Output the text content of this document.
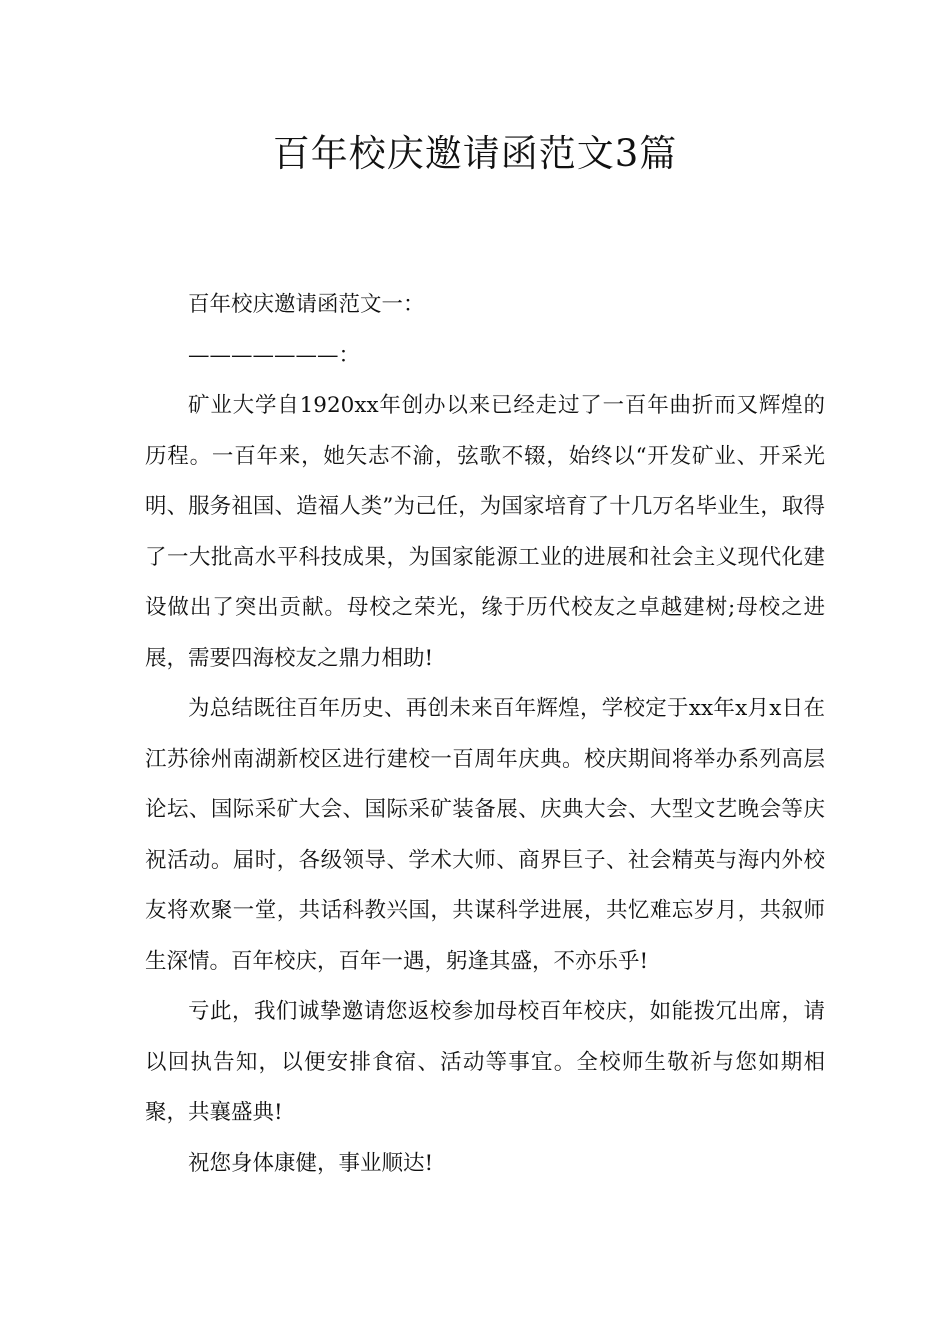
百年校庆邀请函范文3篇

百年校庆邀请函范文一：

———————：

矿业大学自1920xx年创办以来已经走过了一百年曲折而又辉煌的历程。一百年来，她矢志不渝，弦歌不辍，始终以“开发矿业、开采光明、服务祖国、造福人类”为己任，为国家培育了十几万名毕业生，取得了一大批高水平科技成果，为国家能源工业的进展和社会主义现代化建设做出了突出贡献。母校之荣光，缘于历代校友之卓越建树;母校之进展，需要四海校友之鼎力相助!

为总结既往百年历史、再创未来百年辉煌，学校定于xx年x月x日在江苏徐州南湖新校区进行建校一百周年庆典。校庆期间将举办系列高层论坛、国际采矿大会、国际采矿装备展、庆典大会、大型文艺晚会等庆祝活动。届时，各级领导、学术大师、商界巨子、社会精英与海内外校友将欢聚一堂，共话科教兴国，共谋科学进展，共忆难忘岁月，共叙师生深情。百年校庆，百年一遇，躬逢其盛，不亦乐乎!

亏此，我们诚挚邀请您返校参加母校百年校庆，如能拨冗出席，请以回执告知，以便安排食宿、活动等事宜。全校师生敬祈与您如期相聚，共襄盛典!

祝您身体康健，事业顺达!
